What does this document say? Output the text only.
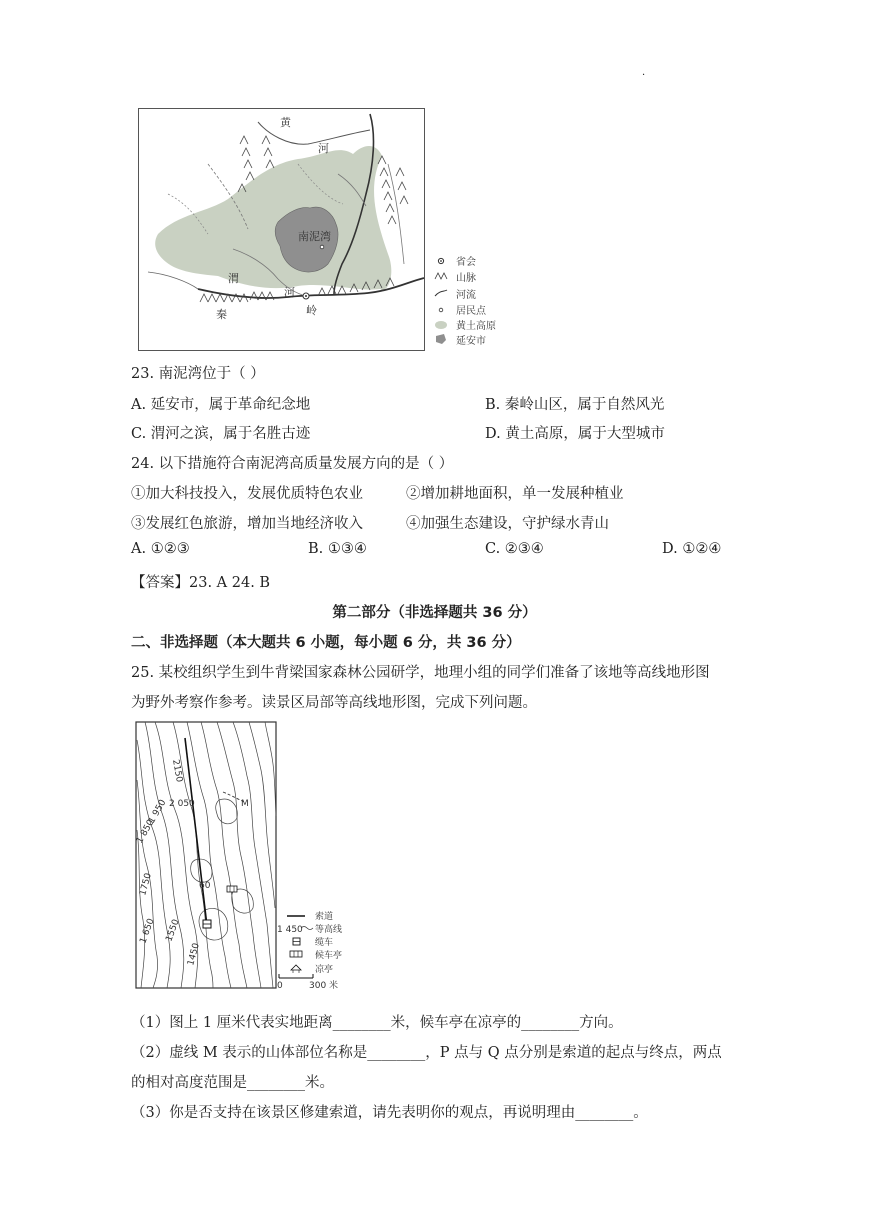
·
黄
河
南泥湾
渭
河
秦	岭
省会
山脉
河流
居民点
黄土高原
延安市
23. 南泥湾位于（ ）
A. 延安市，属于革命纪念地	B. 秦岭山区，属于自然风光
C. 渭河之滨，属于名胜古迹	D. 黄土高原，属于大型城市
24. 以下措施符合南泥湾高质量发展方向的是（ ）
①加大科技投入，发展优质特色农业	②增加耕地面积，单一发展种植业
③发展红色旅游，增加当地经济收入	④加强生态建设，守护绿水青山
A. ①②③	B. ①③④	C. ②③④	D. ①②④
【答案】23. A 24. B
第二部分（非选择题共 36 分）
二、非选择题（本大题共 6 小题，每小题 6 分，共 36 分）
25. 某校组织学生到牛背梁国家森林公园研学，地理小组的同学们准备了该地等高线地形图
为野外考察作参考。读景区局部等高线地形图，完成下列问题。
M
2150
2 050
1 950
1 850
1750
1 650 1550
1450
60
索道
1 450 等高线
缆车
候车亭
凉亭
0	300 米
（1）图上 1 厘米代表实地距离________米，候车亭在凉亭的________方向。
（2）虚线 M 表示的山体部位名称是________，P 点与 Q 点分别是索道的起点与终点，两点
的相对高度范围是________米。
（3）你是否支持在该景区修建索道，请先表明你的观点，再说明理由________。
